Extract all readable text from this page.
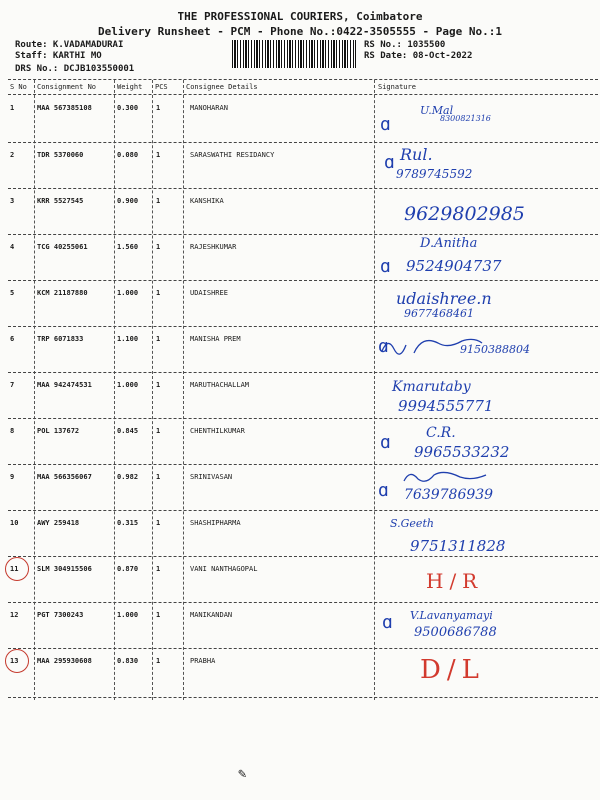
THE PROFESSIONAL COURIERS, Coimbatore
Delivery Runsheet - PCM - Phone No.:0422-3505555 - Page No.:1
Route: K.VADAMADURAI
Staff: KARTHI MO
DRS No.: DCJB103550001
RS No.: 1035500
RS Date: 08-Oct-2022
S No Consignment No	Weight PCS	Consignee Details	Signature
1	MAA 567385108	0.300	1	MANOHARAN	U.Mal
8300821316
2	TDR 5370060	0.080	1	SARASWATHI RESIDANCY	Rul.
9789745592
3	KRR 5527545	0.900	1	KANSHIKA
9629802985
4	TCG 40255061	1.560	1	RAJESHKUMAR	D.Anitha
9524904737
5	KCM 21187880	1.000	1	UDAISHREE	udaishree.n
9677468461
6	TRP 6071833	1.100	1	MANISHA PREM
9150388804
7	MAA 942474531	1.000	1	MARUTHACHALLAM	Kmarutaby
9994555771
8	POL 137672	0.845	1	CHENTHILKUMAR	C.R.
9965533232
9	MAA 566356067	0.982	1	SRINIVASAN
7639786939
10	AWY 259418	0.315	1	SHASHIPHARMA	S.Geeth
9751311828
11	SLM 304915506	0.870	1	VANI NANTHAGOPAL	H/R
12	PGT 7300243	1.000	1	MANIKANDAN	V.Lavanyamayi
9500686788
13	MAA 295930608	0.830	1	PRABHA	D/L
ɑ
ɑ
ɑ
ɑ
ɑ
ɑ
ɑ
✎
